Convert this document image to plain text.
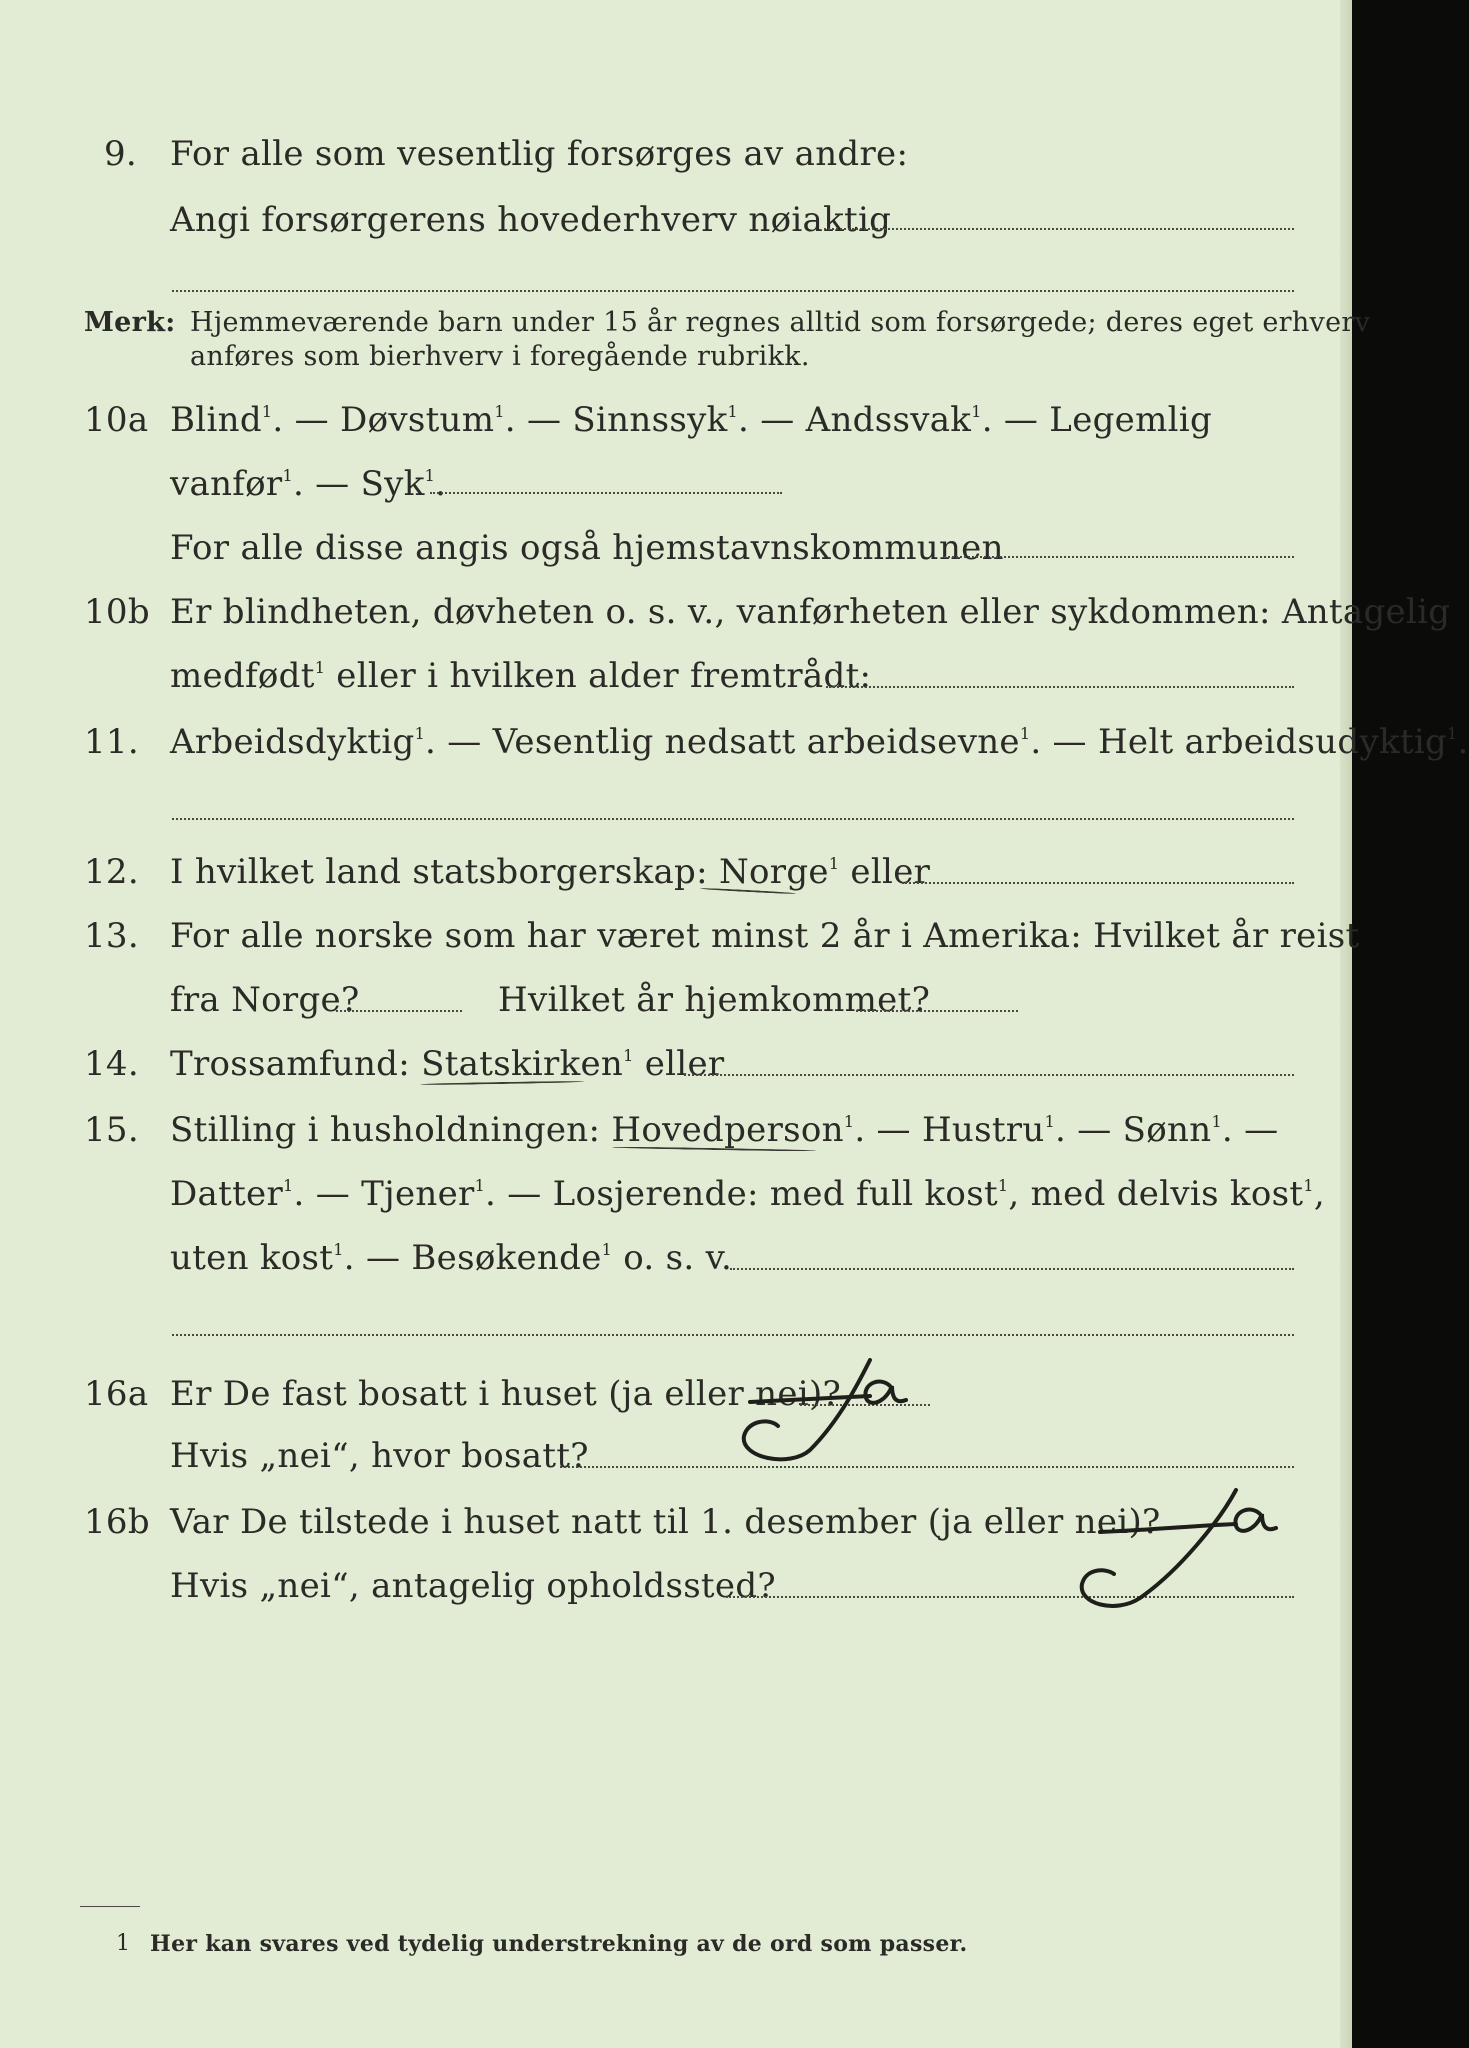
9. For alle som vesentlig forsørges av andre:
Angi forsørgerens hovederhverv nøiaktig
Merk: Hjemmeværende barn under 15 år regnes alltid som forsørgede; deres eget erhverv
anføres som bierhverv i foregående rubrikk.
10a Blind$^1$. — Døvstum$^1$. — Sinnssyk$^1$. — Andssvak$^1$. — Legemlig
vanfør$^1$. — Syk$^1$.
For alle disse angis også hjemstavnskommunen
10b Er blindheten, døvheten o. s. v., vanførheten eller sykdommen: Antagelig
medfødt$^1$ eller i hvilken alder fremtrådt:
11. Arbeidsdyktig$^1$. — Vesentlig nedsatt arbeidsevne$^1$. — Helt arbeidsudyktig$^1$.
12. I hvilket land statsborgerskap: Norge$^1$ eller
13. For alle norske som har været minst 2 år i Amerika: Hvilket år reist
fra Norge?	Hvilket år hjemkommet?
14. Trossamfund: Statskirken$^1$ eller
15. Stilling i husholdningen: Hovedperson$^1$. — Hustru$^1$. — Sønn$^1$. —
Datter$^1$. — Tjener$^1$. — Losjerende: med full kost$^1$, med delvis kost$^1$,
uten kost$^1$. — Besøkende$^1$ o. s. v.
16a Er De fast bosatt i huset (ja eller nei)?
Hvis „nei“, hvor bosatt?
16b Var De tilstede i huset natt til 1. desember (ja eller nei)?
Hvis „nei“, antagelig opholdssted?
1 Her kan svares ved tydelig understrekning av de ord som passer.
